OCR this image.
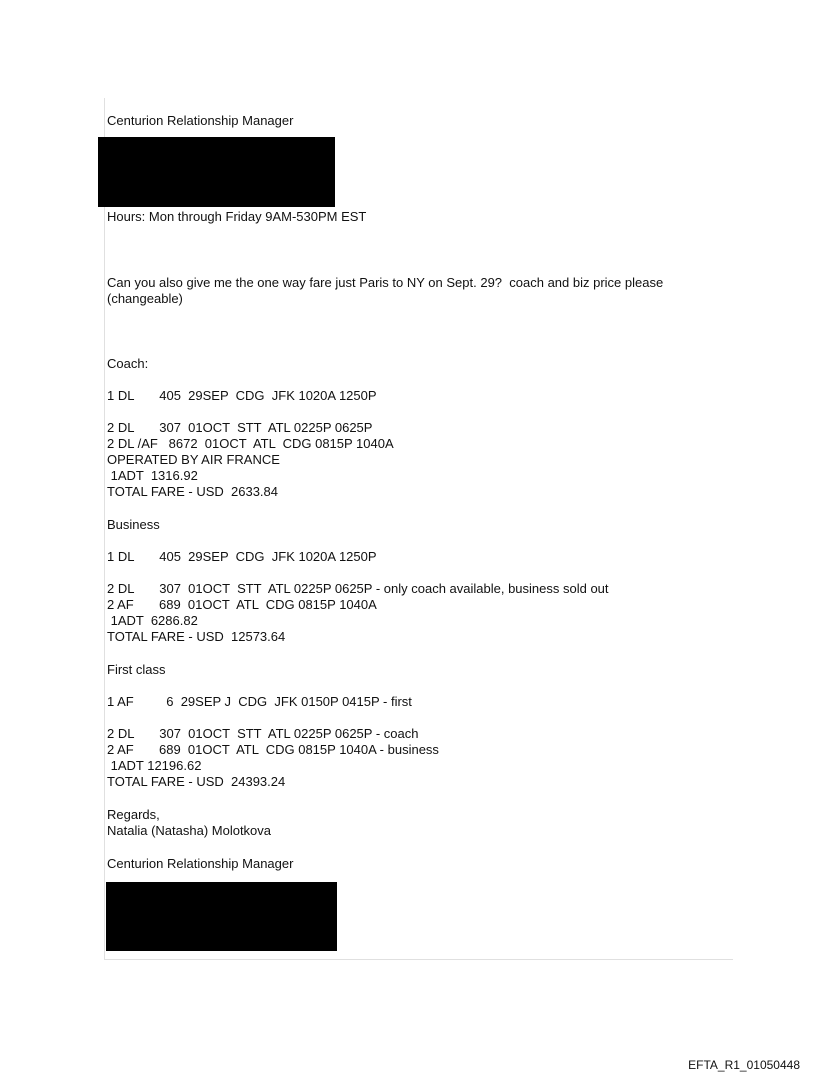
Centurion Relationship Manager
Hours: Mon through Friday 9AM-530PM EST
Can you also give me the one way fare just Paris to NY on Sept. 29?  coach and biz price please
(changeable)
Coach:
1 DL       405  29SEP  CDG  JFK 1020A 1250P
2 DL       307  01OCT  STT  ATL 0225P 0625P
2 DL /AF   8672  01OCT  ATL  CDG 0815P 1040A
OPERATED BY AIR FRANCE
1ADT  1316.92
TOTAL FARE - USD  2633.84
Business
1 DL       405  29SEP  CDG  JFK 1020A 1250P
2 DL       307  01OCT  STT  ATL 0225P 0625P - only coach available, business sold out
2 AF       689  01OCT  ATL  CDG 0815P 1040A
1ADT  6286.82
TOTAL FARE - USD  12573.64
First class
1 AF         6  29SEP J  CDG  JFK 0150P 0415P - first
2 DL       307  01OCT  STT  ATL 0225P 0625P - coach
2 AF       689  01OCT  ATL  CDG 0815P 1040A - business
1ADT 12196.62
TOTAL FARE - USD  24393.24
Regards,
Natalia (Natasha) Molotkova
Centurion Relationship Manager
EFTA_R1_01050448
